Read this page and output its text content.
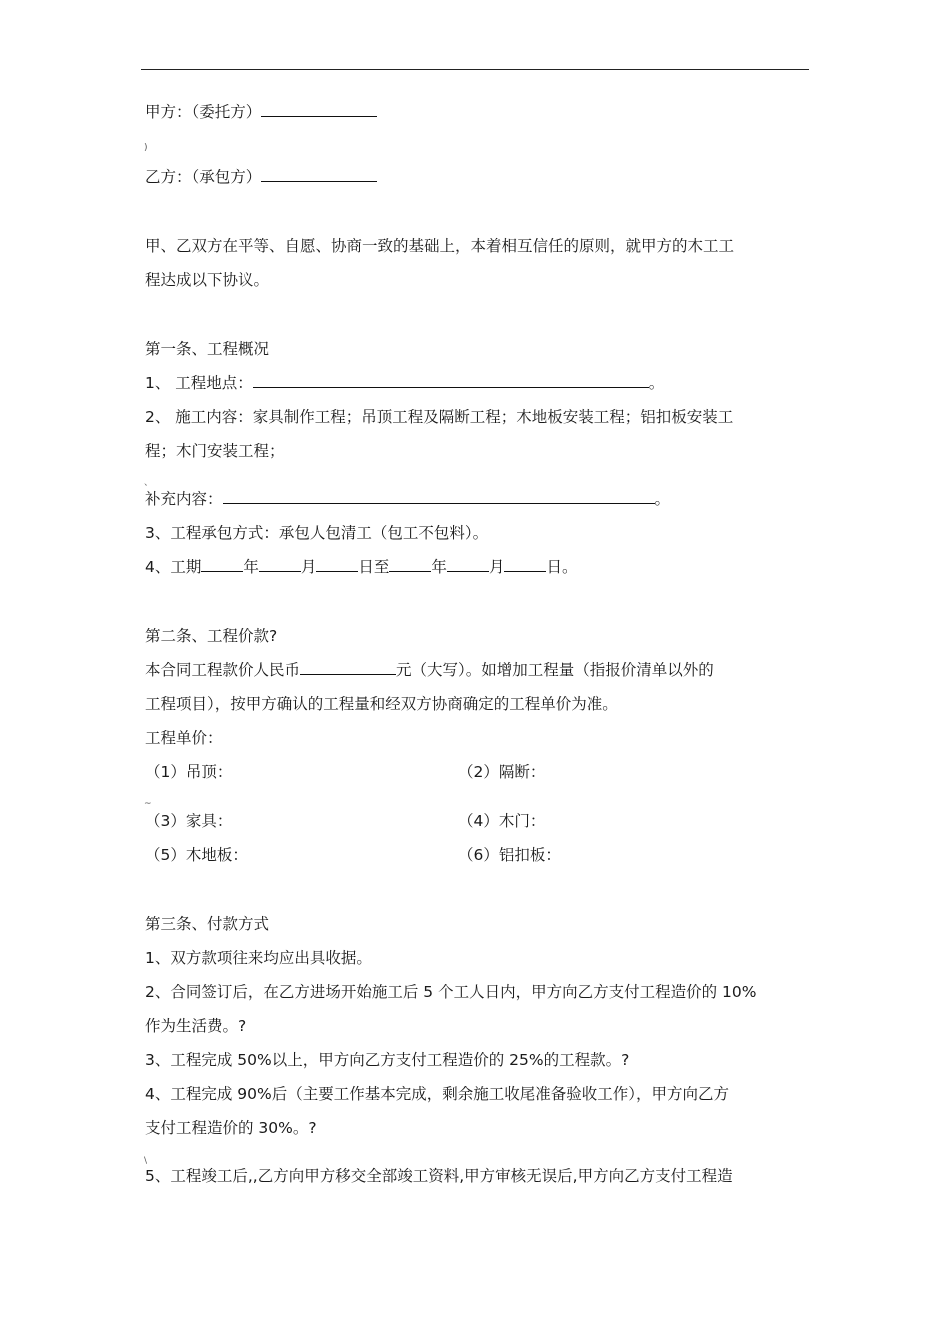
甲方：（委托方）
)
乙方：（承包方）
甲、乙双方在平等、自愿、协商一致的基础上，本着相互信任的原则，就甲方的木工工
程达成以下协议。
第一条、工程概况
1、 工程地点：	。
2、 施工内容：家具制作工程；吊顶工程及隔断工程；木地板安装工程；铝扣板安装工
程；木门安装工程；
、
补充内容：	。
3、工程承包方式：承包人包清工（包工不包料）。
4、工期	年	月	日至	年	月	日。
第二条、工程价款?
本合同工程款价人民币	元（大写）。如增加工程量（指报价清单以外的
工程项目），按甲方确认的工程量和经双方协商确定的工程单价为准。
工程单价：
（1）吊顶：	（2）隔断：
~
（3）家具：	（4）木门：
（5）木地板：	（6）铝扣板：
第三条、付款方式
1、双方款项往来均应出具收据。
2、合同签订后，在乙方进场开始施工后 5 个工人日内，甲方向乙方支付工程造价的 10%
作为生活费。?
3、工程完成 50%以上，甲方向乙方支付工程造价的 25%的工程款。?
4、工程完成 90%后（主要工作基本完成，剩余施工收尾准备验收工作），甲方向乙方
支付工程造价的 30%。?
\
5、工程竣工后,,乙方向甲方移交全部竣工资料,甲方审核无误后,甲方向乙方支付工程造
